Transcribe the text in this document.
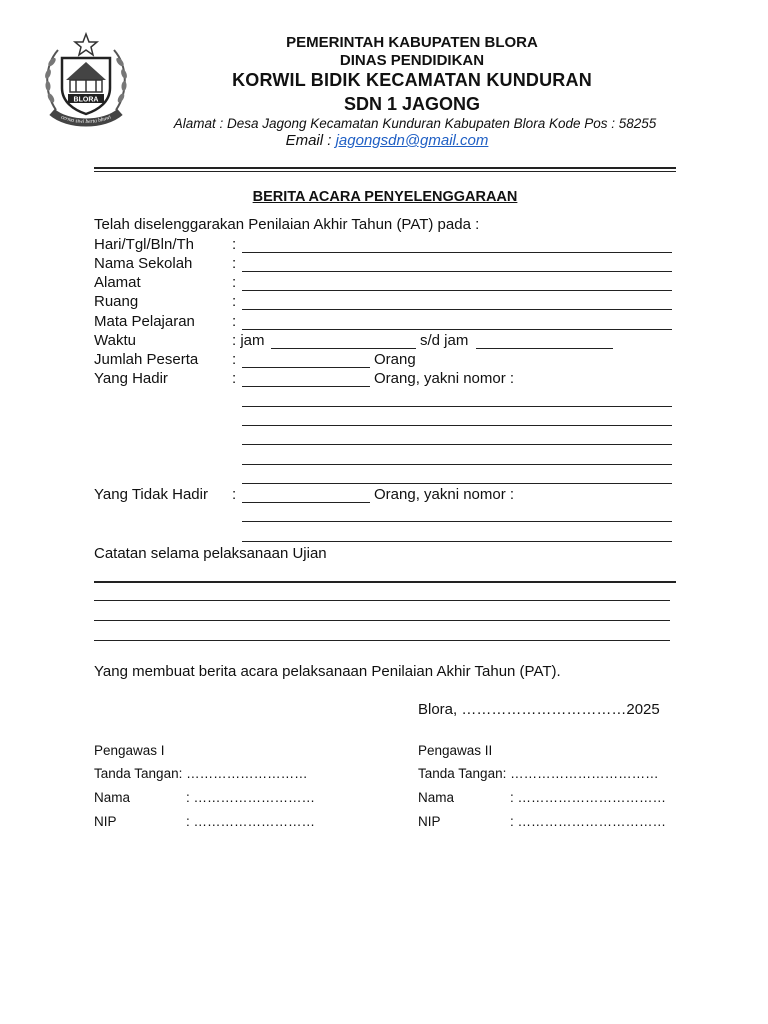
BLORA
cerma siwi berta bhuwi
PEMERINTAH KABUPATEN BLORA
DINAS PENDIDIKAN
KORWIL BIDIK KECAMATAN KUNDURAN
SDN 1 JAGONG
Alamat : Desa Jagong Kecamatan Kunduran Kabupaten Blora Kode Pos : 58255
Email : jagongsdn@gmail.com
BERITA ACARA PENYELENGGARAAN
Telah diselenggarakan Penilaian Akhir Tahun (PAT) pada :
Hari/Tgl/Bln/Th	:
Nama Sekolah	:
Alamat	:
Ruang	:
Mata Pelajaran :
Waktu	: jam	s/d jam
Jumlah Peserta :	Orang
Yang Hadir	:	Orang, yakni nomor :
Yang Tidak Hadir :	Orang, yakni nomor :
Catatan selama pelaksanaan Ujian
Yang membuat berita acara pelaksanaan Penilaian Akhir Tahun (PAT).
Blora, ……………………………2025
Pengawas I
Tanda Tangan: ………………………
Nama	: ………………………
NIP	: ………………………
Pengawas II
Tanda Tangan: ……………………………
Nama	: ……………………………
NIP	: ……………………………
